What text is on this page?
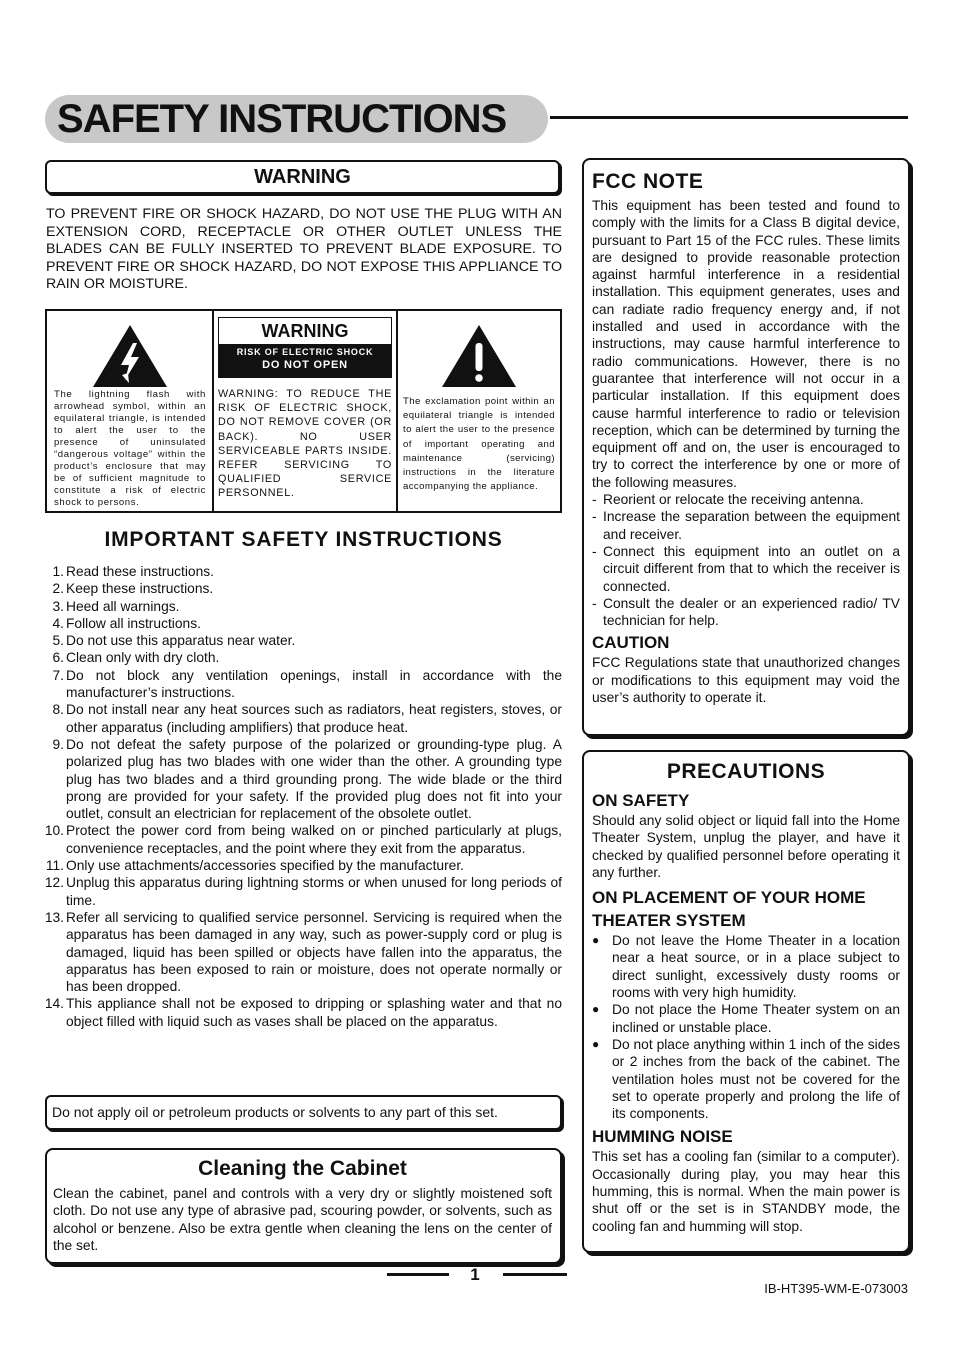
SAFETY INSTRUCTIONS
WARNING
TO PREVENT FIRE OR SHOCK HAZARD, DO NOT USE THE PLUG WITH AN EXTENSION CORD, RECEPTACLE OR OTHER OUTLET UNLESS THE BLADES CAN BE FULLY INSERTED TO PREVENT BLADE EXPOSURE. TO PREVENT FIRE OR SHOCK HAZARD, DO NOT EXPOSE THIS APPLIANCE TO RAIN OR MOISTURE.
The lightning flash with arrowhead symbol, within an equilateral triangle, is intended to alert the user to the presence of uninsulated “dangerous voltage” within the product’s enclosure that may be of sufficient magnitude to constitute a risk of electric shock to persons.
WARNING
RISK OF ELECTRIC SHOCK
DO NOT OPEN
WARNING: TO REDUCE THE RISK OF ELECTRIC SHOCK, DO NOT REMOVE COVER (OR BACK). NO USER SERVICEABLE PARTS INSIDE. REFER SERVICING TO QUALIFIED SERVICE PERSONNEL.
The exclamation point within an equilateral triangle is intended to alert the user to the presence of important operating and maintenance (servicing) instructions in the literature accompanying the appliance.
IMPORTANT SAFETY INSTRUCTIONS
1. Read these instructions.
2. Keep these instructions.
3. Heed all warnings.
4. Follow all instructions.
5. Do not use this apparatus near water.
6. Clean only with dry cloth.
7. Do not block any ventilation openings, install in accordance with the manufacturer’s instructions.
8. Do not install near any heat sources such as radiators, heat registers, stoves, or other apparatus (including amplifiers) that produce heat.
9. Do not defeat the safety purpose of the polarized or grounding-type plug. A polarized plug has two blades with one wider than the other. A grounding type plug has two blades and a third grounding prong. The wide blade or the third prong are provided for your safety. If the provided plug does not fit into your outlet, consult an electrician for replacement of the obsolete outlet.
10. Protect the power cord from being walked on or pinched particularly at plugs, convenience receptacles, and the point where they exit from the apparatus.
11. Only use attachments/accessories specified by the manufacturer.
12. Unplug this apparatus during lightning storms or when unused for long periods of time.
13. Refer all servicing to qualified service personnel. Servicing is required when the apparatus has been damaged in any way, such as power-supply cord or plug is damaged, liquid has been spilled or objects have fallen into the apparatus, the apparatus has been exposed to rain or moisture, does not operate normally or has been dropped.
14. This appliance shall not be exposed to dripping or splashing water and that no object filled with liquid such as vases shall be placed on the apparatus.
Do not apply oil or petroleum products or solvents to any part of this set.
Cleaning the Cabinet
Clean the cabinet, panel and controls with a very dry or slightly moistened soft cloth. Do not use any type of abrasive pad, scouring powder, or solvents, such as alcohol or benzene. Also be extra gentle when cleaning the lens on the center of the set.
FCC NOTE
This equipment has been tested and found to comply with the limits for a Class B digital device, pursuant to Part 15 of the FCC rules. These limits are designed to provide reasonable protection against harmful interference in a residential installation. This equipment generates, uses and can radiate radio frequency energy and, if not installed and used in accordance with the instructions, may cause harmful interference to radio communications. However, there is no guarantee that interference will not occur in a particular installation. If this equipment does cause harmful interference to radio or television reception, which can be determined by turning the equipment off and on, the user is encouraged to try to correct the interference by one or more of the following measures.
- Reorient or relocate the receiving antenna.
- Increase the separation between the equipment and receiver.
- Connect this equipment into an outlet on a circuit different from that to which the receiver is connected.
- Consult the dealer or an experienced radio/ TV technician for help.
CAUTION
FCC Regulations state that unauthorized changes or modifications to this equipment may void the user’s authority to operate it.
PRECAUTIONS
ON SAFETY
Should any solid object or liquid fall into the Home Theater System, unplug the player, and have it checked by qualified personnel before operating it any further.
ON PLACEMENT OF YOUR HOME THEATER SYSTEM
● Do not leave the Home Theater in a location near a heat source, or in a place subject to direct sunlight, excessively dusty rooms or rooms with very high humidity.
● Do not place the Home Theater system on an inclined or unstable place.
● Do not place anything within 1 inch of the sides or 2 inches from the back of the cabinet. The ventilation holes must not be covered for the set to operate properly and prolong the life of its components.
HUMMING NOISE
This set has a cooling fan (similar to a computer). Occasionally during play, you may hear this humming, this is normal. When the main power is shut off or the set is in STANDBY mode, the cooling fan and humming will stop.
1
IB-HT395-WM-E-073003
